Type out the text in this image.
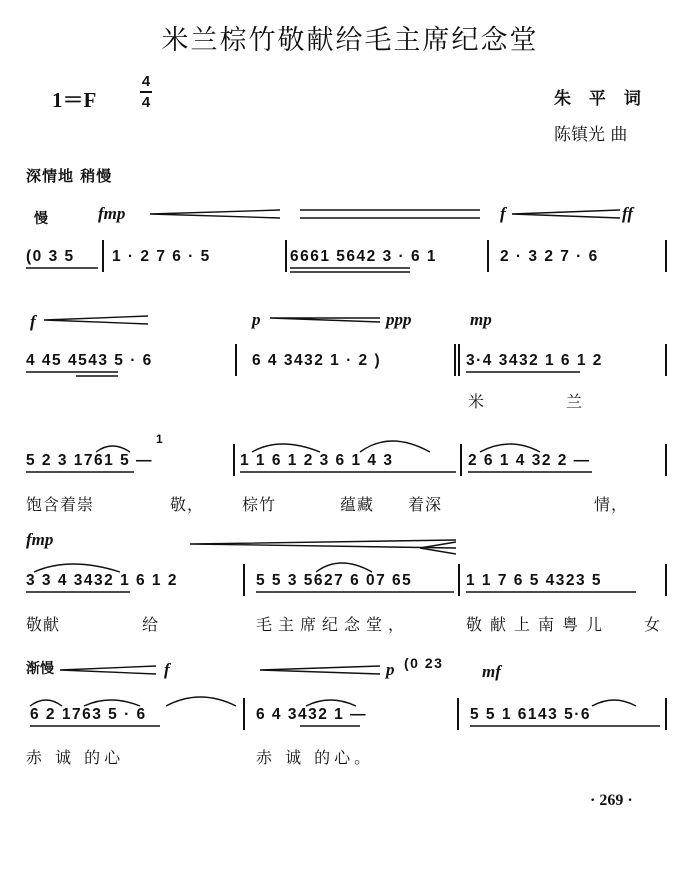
米兰棕竹敬献给毛主席纪念堂
1＝F
4
4	朱 平 词
陈镇光 曲
深情地 稍慢
慢	fmp	f	ff
(0 3 5 1 · 2 7 6 · 5	6661 5642 3 · 6 1	2 · 3 2 7 · 6
f	p	ppp	mp
4 45 4543 5 · 6	6 4 3432 1 · 2 )	3·4 3432 1 6 1 2
米	兰
5 2 3 1761 5 —
1
1 1 6 1 2 3 6 1 4 3	2 6 1 4 32 2 —
饱含着崇	敬， 棕竹	蕴藏 着深	情，
fmp
3 3 4 3432 1 6 1 2	5 5 3 5627 6 07 65	1 1 7 6 5 4323 5
敬献	给	毛主席纪念堂，	敬献上南粤儿 女
渐慢	f	p	mf
(0 23
6 2 1763 5 · 6	6 4 3432 1 —	5 5 1 6143 5·6
赤 诚 的心	赤 诚 的心。
· 269 ·
